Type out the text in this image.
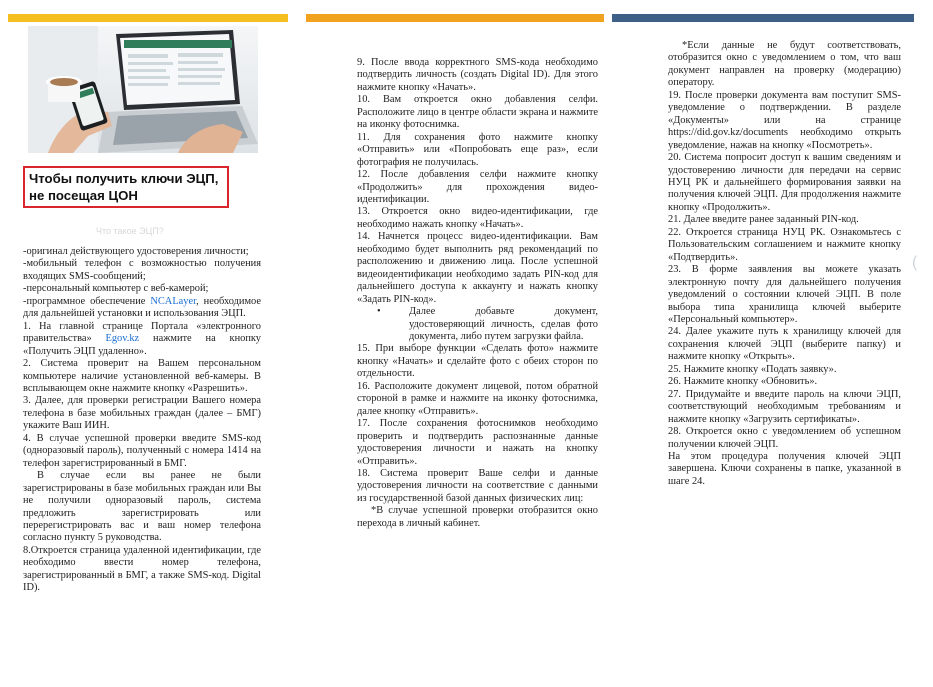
Чтобы получить ключи ЭЦП, не посещая ЦОН
Что такое ЭЦП?
(

-оригинал действующего удостоверения личности;

-мобильный телефон с возможностью получения входящих SMS-сообщений;

-персональный компьютер с веб-камерой;

-программное обеспечение NCALayer, необходимое для дальнейшей установки и использования ЭЦП.

1. На главной странице Портала «электронного правительства» Egov.kz нажмите на кнопку «Получить ЭЦП удаленно».

2. Система проверит на Вашем персональном компьютере наличие установленной веб-камеры. В всплывающем окне нажмите кнопку «Разрешить».

3. Далее, для проверки регистрации Вашего номера телефона в базе мобильных граждан (далее – БМГ) укажите Ваш ИИН.

4. В случае успешной проверки введите SMS-код (одноразовый пароль), полученный с номера 1414 на телефон зарегистрированный в БМГ.

В случае если вы ранее не были зарегистрированы в базе мобильных граждан или Вы не получили одноразовый пароль, система предложить зарегистрировать или перерегистрировать вас и ваш номер телефона согласно пункту 5 руководства.

8.Откроется страница удаленной идентификации, где необходимо ввести номер телефона, зарегистрированный в БМГ, а также SMS-код. Digital ID).

9. После ввода корректного SMS-кода необходимо подтвердить личность (создать Digital ID). Для этого нажмите кнопку «Начать».

10. Вам откроется окно добавления селфи. Расположите лицо в центре области экрана и нажмите на иконку фотоснимка.

11. Для сохранения фото нажмите кнопку «Отправить» или «Попробовать еще раз», если фотография не получилась.

12. После добавления селфи нажмите кнопку «Продолжить» для прохождения видео-идентификации.

13. Откроется окно видео-идентификации, где необходимо нажать кнопку «Начать».

14. Начнется процесс видео-идентификации. Вам необходимо будет выполнить ряд рекомендаций по расположению и движению лица. После успешной видеоидентификации необходимо задать PIN-код для дальнейшего доступа к аккаунту и нажать кнопку «Задать PIN-код».

•	Далее добавьте документ, удостоверяющий личность, сделав фото документа, либо путем загрузки файла.

15. При выборе функции «Сделать фото» нажмите кнопку «Начать» и сделайте фото с обеих сторон по отдельности.

16. Расположите документ лицевой, потом обратной стороной в рамке и нажмите на иконку фотоснимка, далее кнопку «Отправить».

17. После сохранения фотоснимков необходимо проверить и подтвердить распознанные данные удостоверения личности и нажать на кнопку «Отправить».

18. Система проверит Ваше селфи и данные удостоверения личности на соответствие с данными из государственной базой данных физических лиц:

*В случае успешной проверки отобразится окно перехода в личный кабинет.

*Если данные не будут соответствовать, отобразится окно с уведомлением о том, что ваш документ направлен на проверку (модерацию) оператору.

19. После проверки документа вам поступит SMS-уведомление о подтверждении. В разделе «Документы» или на странице https://did.gov.kz/documents необходимо открыть уведомление, нажав на кнопку «Посмотреть».

20. Система попросит доступ к вашим сведениям и удостоверению личности для передачи на сервис НУЦ РК и дальнейшего формирования заявки на получения ключей ЭЦП. Для продолжения нажмите кнопку «Продолжить».

21. Далее введите ранее заданный PIN-код.

22. Откроется страница НУЦ РК. Ознакомьтесь с Пользовательским соглашением и нажмите кнопку «Подтвердить».

23. В форме заявления вы можете указать электронную почту для дальнейшего получения уведомлений о состоянии ключей ЭЦП. В поле выбора типа хранилища ключей выберите «Персональный компьютер».

24. Далее укажите путь к хранилищу ключей для сохранения ключей ЭЦП (выберите папку) и нажмите кнопку «Открыть».

25. Нажмите кнопку «Подать заявку».

26. Нажмите кнопку «Обновить».

27. Придумайте и введите пароль на ключи ЭЦП, соответствующий необходимым требованиям и нажмите кнопку «Загрузить сертификаты».

28. Откроется окно с уведомлением об успешном получении ключей ЭЦП.

На этом процедура получения ключей ЭЦП завершена. Ключи сохранены в папке, указанной в шаге 24.
